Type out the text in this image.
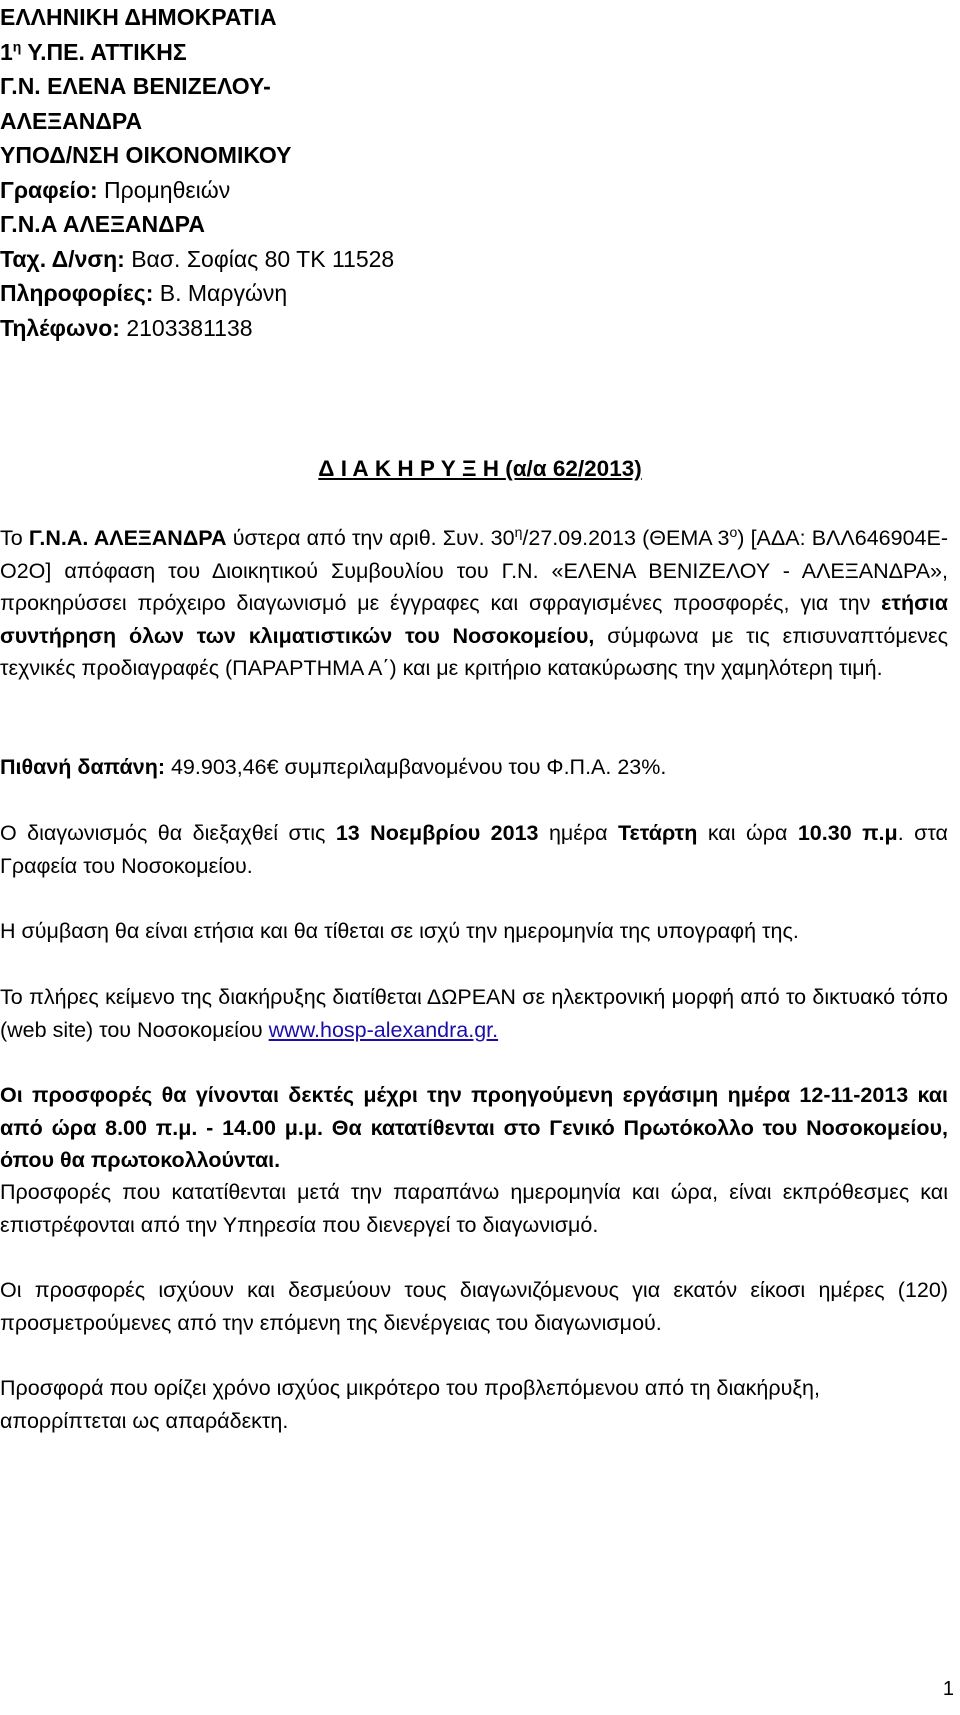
ΕΛΛΗΝΙΚΗ ΔΗΜΟΚΡΑΤΙΑ
$1^\eta$ Υ.ΠΕ. ΑΤΤΙΚΗΣ
Γ.Ν. ΕΛΕΝΑ ΒΕΝΙΖΕΛΟΥ-
ΑΛΕΞΑΝΔΡΑ
ΥΠΟΔ/ΝΣΗ ΟΙΚΟΝΟΜΙΚΟΥ
Γραφείο: Προμηθειών
Γ.Ν.Α ΑΛΕΞΑΝΔΡΑ
Ταχ. Δ/νση: Βασ. Σοφίας 80 ΤΚ 11528
Πληροφορίες: Β. Μαργώνη
Τηλέφωνο: 2103381138
Δ Ι Α Κ Η Ρ Υ Ξ Η (α/α 62/2013)
Το Γ.Ν.Α. ΑΛΕΞΑΝΔΡΑ ύστερα από την αριθ. Συν. $30^\eta/27.09.2013$ (ΘΕΜΑ $3^o$) [ΑΔΑ: ΒΛΛ646904Ε-Ο2Ο] απόφαση του Διοικητικού Συμβουλίου του Γ.Ν. «ΕΛΕΝΑ ΒΕΝΙΖΕΛΟΥ - ΑΛΕΞΑΝΔΡΑ», προκηρύσσει πρόχειρο διαγωνισμό με έγγραφες και σφραγισμένες προσφορές, για την ετήσια συντήρηση όλων των κλιματιστικών του Νοσοκομείου, σύμφωνα με τις επισυναπτόμενες τεχνικές προδιαγραφές (ΠΑΡΑΡΤΗΜΑ Α΄) και με κριτήριο κατακύρωσης την χαμηλότερη τιμή.
Πιθανή δαπάνη: 49.903,46€ συμπεριλαμβανομένου του Φ.Π.Α. 23%.
Ο διαγωνισμός θα διεξαχθεί στις 13 Νοεμβρίου 2013 ημέρα Τετάρτη και ώρα 10.30 π.μ. στα Γραφεία του Νοσοκομείου.
Η σύμβαση θα είναι ετήσια και θα τίθεται σε ισχύ την ημερομηνία της υπογραφή της.
Το πλήρες κείμενο της διακήρυξης διατίθεται ΔΩΡΕΑΝ σε ηλεκτρονική μορφή από το δικτυακό τόπο (web site) του Νοσοκομείου www.hosp-alexandra.gr.
Οι προσφορές θα γίνονται δεκτές μέχρι την προηγούμενη εργάσιμη ημέρα 12-11-2013 και από ώρα 8.00 π.μ. - 14.00 μ.μ. Θα κατατίθενται στο Γενικό Πρωτόκολλο του Νοσοκομείου, όπου θα πρωτοκολλούνται.
Προσφορές που κατατίθενται μετά την παραπάνω ημερομηνία και ώρα, είναι εκπρόθεσμες και επιστρέφονται από την Υπηρεσία που διενεργεί το διαγωνισμό.
Οι προσφορές ισχύουν και δεσμεύουν τους διαγωνιζόμενους για εκατόν είκοσι ημέρες (120) προσμετρούμενες από την επόμενη της διενέργειας του διαγωνισμού.
Προσφορά που ορίζει χρόνο ισχύος μικρότερο του προβλεπόμενου από τη διακήρυξη, απορρίπτεται ως απαράδεκτη.
1
